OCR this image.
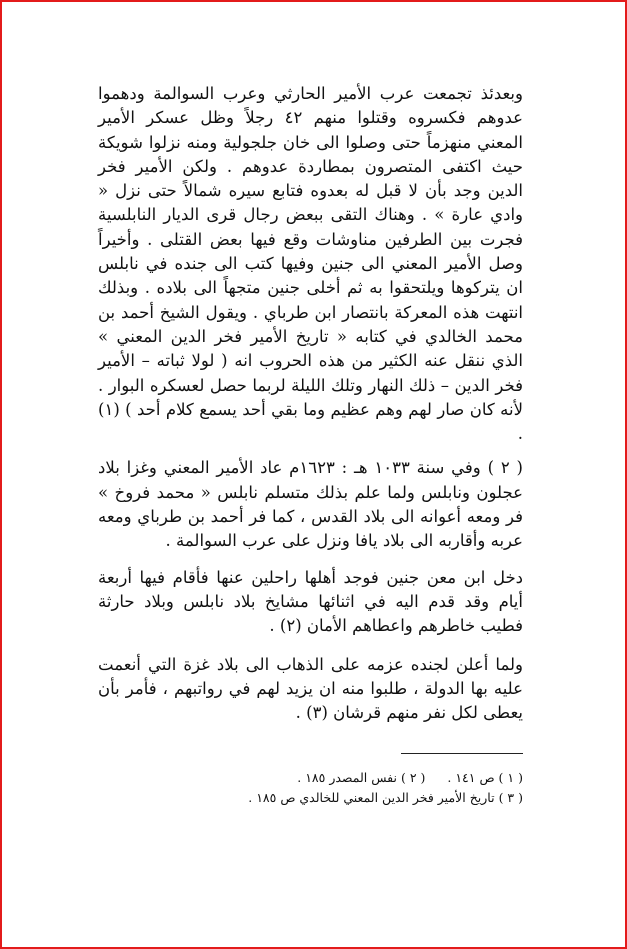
وبعدئذ تجمعت عرب الأمير الحارثي وعرب السوالمة ودهموا عدوهم فكسروه وقتلوا منهم ٤٢ رجلاً وظل عسكر الأمير المعني منهزماً حتى وصلوا الى خان جلجولية ومنه نزلوا شويكة حيث اكتفى المتصرون بمطاردة عدوهم . ولكن الأمير فخر الدين وجد بأن لا قبل له بعدوه فتابع سيره شمالاً حتى نزل « وادي عارة » . وهناك التقى ببعض رجال قرى الديار النابلسية فجرت بين الطرفين مناوشات وقع فيها بعض القتلى . وأخيراً وصل الأمير المعني الى جنين وفيها كتب الى جنده في نابلس ان يتركوها ويلتحقوا به ثم أخلى جنين متجهاً الى بلاده . وبذلك انتهت هذه المعركة بانتصار ابن طرباي . ويقول الشيخ أحمد بن محمد الخالدي في كتابه « تاريخ الأمير فخر الدين المعني » الذي ننقل عنه الكثير من هذه الحروب انه ( لولا ثباته – الأمير فخر الدين – ذلك النهار وتلك الليلة لربما حصل لعسكره البوار . لأنه كان صار لهم وهم عظيم وما بقي أحد يسمع كلام أحد ) (١) .

( ٢ ) وفي سنة ١٠٣٣ هـ : ١٦٢٣م عاد الأمير المعني وغزا بلاد عجلون ونابلس ولما علم بذلك متسلم نابلس « محمد فروخ » فر ومعه أعوانه الى بلاد القدس ، كما فر أحمد بن طرباي ومعه عربه وأقاربه الى بلاد يافا ونزل على عرب السوالمة .

دخل ابن معن جنين فوجد أهلها راحلين عنها فأقام فيها أربعة أيام وقد قدم اليه في اثنائها مشايخ بلاد نابلس وبلاد حارثة فطيب خاطرهم واعطاهم الأمان (٢) .

ولما أعلن لجنده عزمه على الذهاب الى بلاد غزة التي أنعمت عليه بها الدولة ، طلبوا منه ان يزيد لهم في رواتبهم ، فأمر بأن يعطى لكل نفر منهم قرشان (٣) .

( ١ ) ص ١٤١ .( ٢ ) نفس المصدر ١٨٥ .
( ٣ ) تاريخ الأمير فخر الدين المعني للخالدي ص ١٨٥ .
